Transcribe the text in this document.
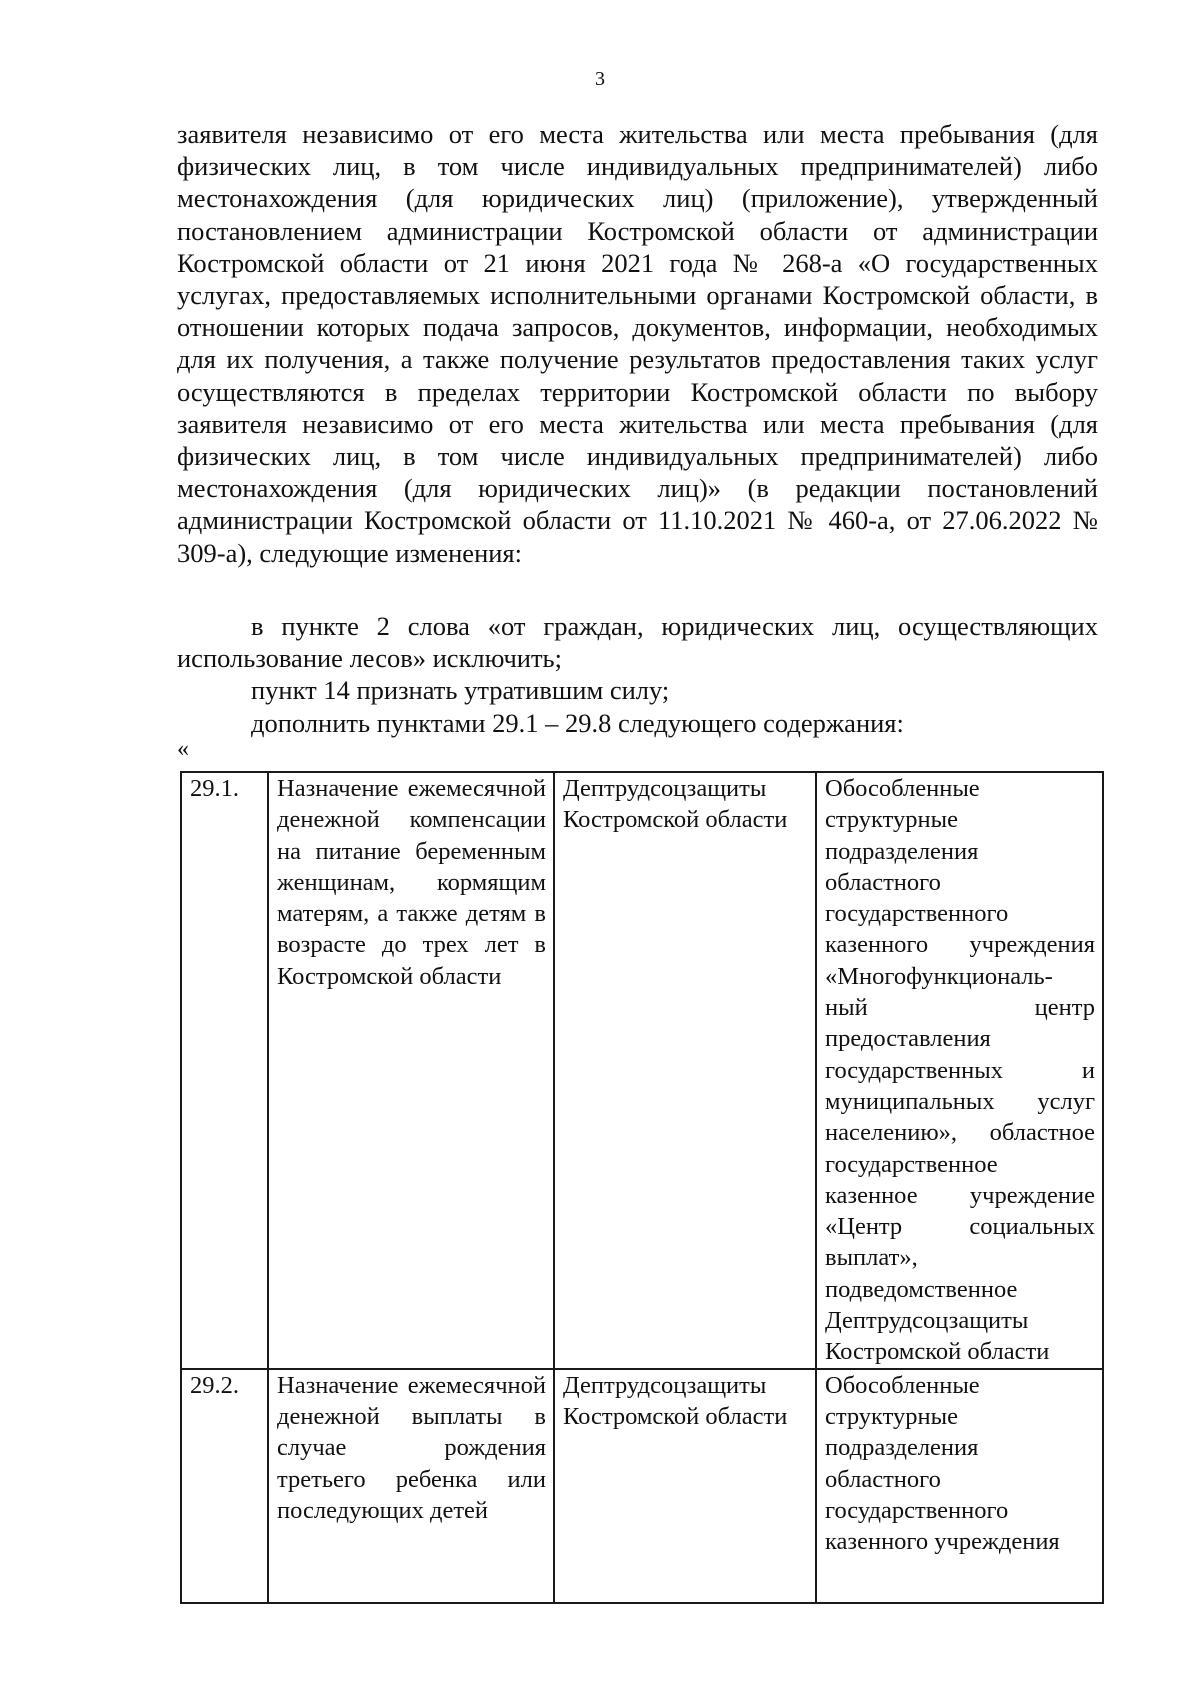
3

заявителя независимо от его места жительства или места пребывания (для физических лиц, в том числе индивидуальных предпринимателей) либо местонахождения (для юридических лиц) (приложение), утвержденный постановлением администрации Костромской области от администрации Костромской области от 21 июня 2021 года № 268-а «О государственных услугах, предоставляемых исполнительными органами Костромской области, в отношении которых подача запросов, документов, информации, необходимых для их получения, а также получение результатов предоставления таких услуг осуществляются в пределах территории Костромской области по выбору заявителя независимо от его места жительства или места пребывания (для физических лиц, в том числе индивидуальных предпринимателей) либо местонахождения (для юридических лиц)» (в редакции постановлений администрации Костромской области от 11.10.2021 № 460-а, от 27.06.2022 № 309-а), следующие изменения:

в пункте 2 слова «от граждан, юридических лиц, осуществляющих использование лесов» исключить;

пункт 14 признать утратившим силу;

дополнить пунктами 29.1 – 29.8 следующего содержания:

«
29.1.	Назначение ежемесячной денежной компенсации на питание беременным женщинам, кормящим матерям, а также детям в возрасте до трех лет в Костромской области	Дептрудсоцзащиты Костромской области	Обособленные структурные подразделения областного государственного казенного учреждения «Многофункциональ-ный центр предоставления государственных и муниципальных услуг населению», областное государственное казенное учреждение «Центр социальных выплат», подведомственное Дептрудсоцзащиты Костромской области
29.2.	Назначение ежемесячной денежной выплаты в случае рождения третьего ребенка или последующих детей	Дептрудсоцзащиты Костромской области	Обособленные структурные подразделения областного государственного казенного учреждения
